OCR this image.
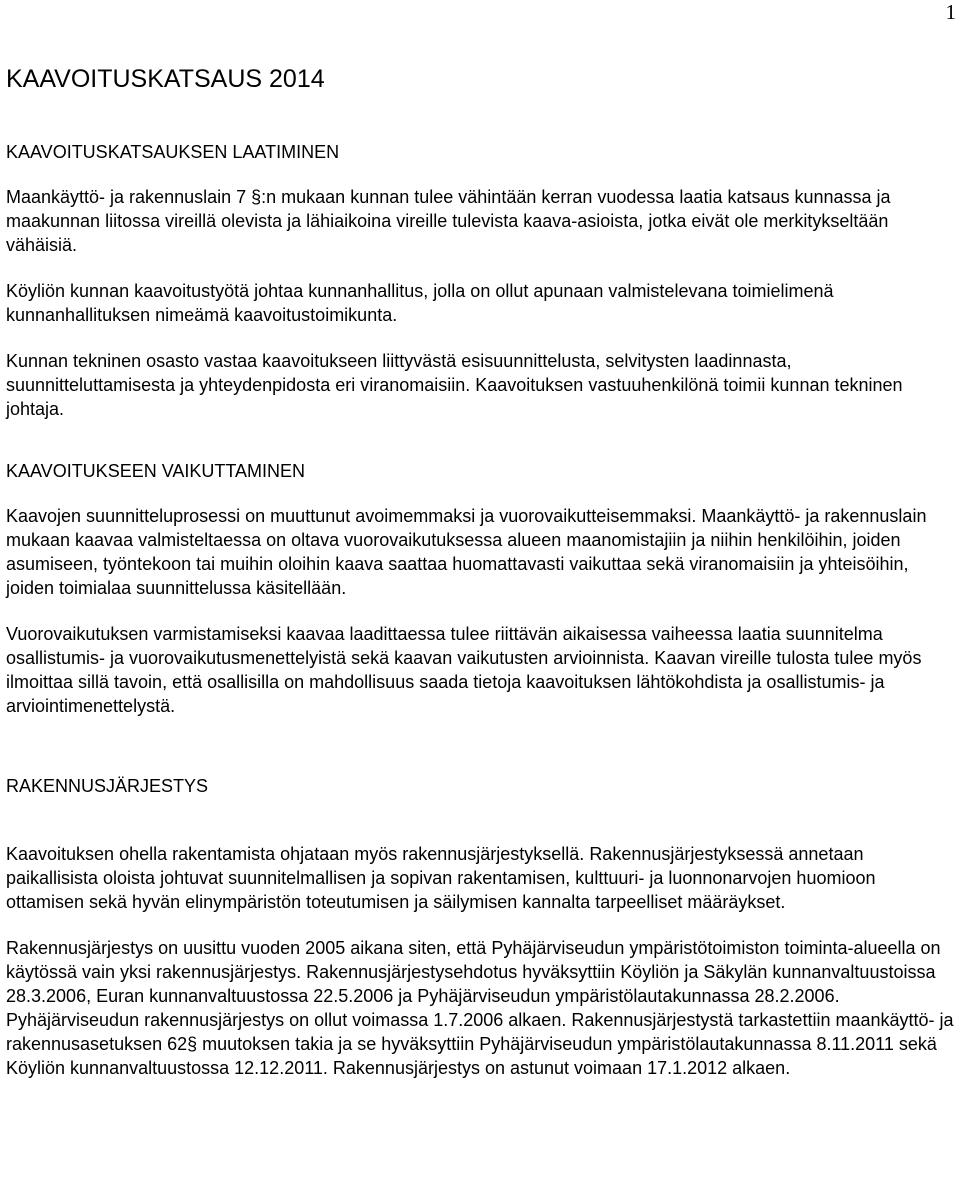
1
KAAVOITUSKATSAUS 2014
KAAVOITUSKATSAUKSEN LAATIMINEN

Maankäyttö- ja rakennuslain 7 §:n mukaan kunnan tulee vähintään kerran vuodessa laatia katsaus kunnassa ja maakunnan liitossa vireillä olevista ja lähiaikoina vireille tulevista kaava-asioista, jotka eivät ole merkitykseltään vähäisiä.

Köyliön kunnan kaavoitustyötä johtaa kunnanhallitus, jolla on ollut apunaan valmistelevana toimielimenä kunnanhallituksen nimeämä kaavoitustoimikunta.

Kunnan tekninen osasto vastaa kaavoitukseen liittyvästä esisuunnittelusta, selvitysten laadinnasta, suunnitteluttamisesta ja yhteydenpidosta eri viranomaisiin. Kaavoituksen vastuuhenkilönä toimii kunnan tekninen johtaja.

KAAVOITUKSEEN VAIKUTTAMINEN

Kaavojen suunnitteluprosessi on muuttunut avoimemmaksi ja vuorovaikutteisemmaksi. Maankäyttö- ja rakennuslain mukaan kaavaa valmisteltaessa on oltava vuorovaikutuksessa alueen maanomistajiin ja niihin henkilöihin, joiden asumiseen, työntekoon tai muihin oloihin kaava saattaa huomattavasti vaikuttaa sekä viranomaisiin ja yhteisöihin, joiden toimialaa suunnittelussa käsitellään.

Vuorovaikutuksen varmistamiseksi kaavaa laadittaessa tulee riittävän aikaisessa vaiheessa laatia suunnitelma osallistumis- ja vuorovaikutusmenettelyistä sekä kaavan vaikutusten arvioinnista. Kaavan vireille tulosta tulee myös ilmoittaa sillä tavoin, että osallisilla on mahdollisuus saada tietoja kaavoituksen lähtökohdista ja osallistumis- ja arviointimenettelystä.

RAKENNUSJÄRJESTYS

Kaavoituksen ohella rakentamista ohjataan myös rakennusjärjestyksellä. Rakennusjärjestyksessä annetaan paikallisista oloista johtuvat suunnitelmallisen ja sopivan rakentamisen, kulttuuri- ja luonnonarvojen huomioon ottamisen sekä hyvän elinympäristön toteutumisen ja säilymisen kannalta tarpeelliset määräykset.

Rakennusjärjestys on uusittu vuoden 2005 aikana siten, että Pyhäjärviseudun ympäristötoimiston toiminta-alueella on käytössä vain yksi rakennusjärjestys. Rakennusjärjestysehdotus hyväksyttiin Köyliön ja Säkylän kunnanvaltuustoissa 28.3.2006, Euran kunnanvaltuustossa 22.5.2006 ja Pyhäjärviseudun ympäristölautakunnassa 28.2.2006. Pyhäjärviseudun rakennusjärjestys on ollut voimassa 1.7.2006 alkaen. Rakennusjärjestystä tarkastettiin maankäyttö- ja rakennusasetuksen 62§ muutoksen takia ja se hyväksyttiin Pyhäjärviseudun ympäristölautakunnassa 8.11.2011 sekä Köyliön kunnanvaltuustossa 12.12.2011. Rakennusjärjestys on astunut voimaan 17.1.2012 alkaen.
